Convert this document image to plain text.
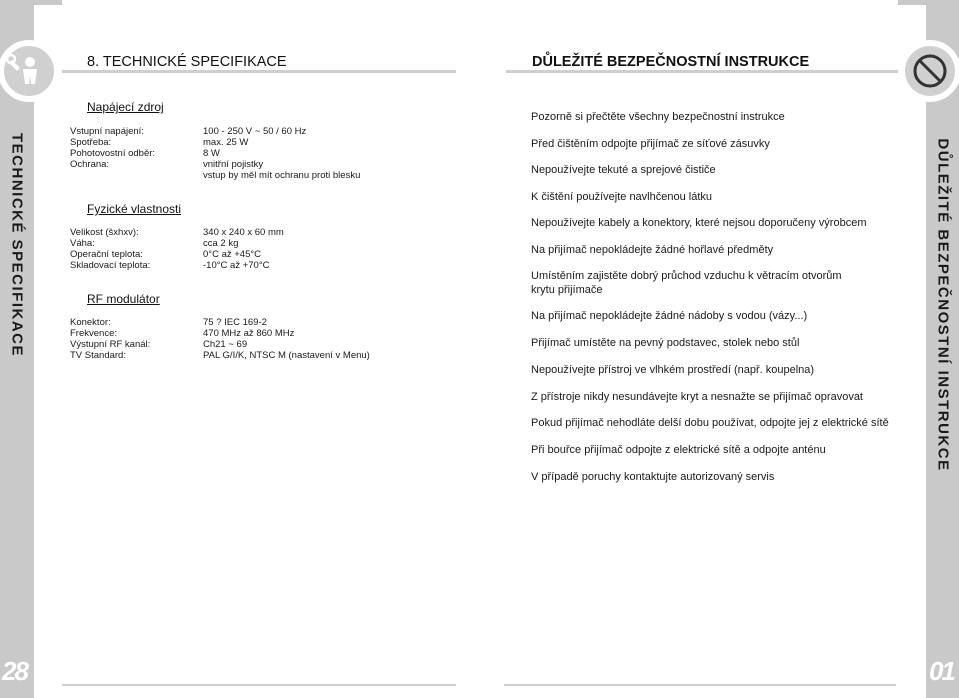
TECHNICKÉ SPECIFIKACE	DŮLEŽITÉ BEZPEČNOSTNÍ INSTRUKCE
28	01
8. TECHNICKÉ SPECIFIKACE	DŮLEŽITÉ BEZPEČNOSTNÍ INSTRUKCE
Napájecí zdroj
Fyzické vlastnosti
RF modulátor
Vstupní napájení:	100 - 250 V ~ 50 / 60 Hz
Spotřeba:	max. 25 W
Pohotovostní odběr:	8 W
Ochrana:	vnitřní pojistky
vstup by měl mít ochranu proti blesku
Velikost (šxhxv):	340 x 240 x 60 mm
Váha:	cca 2 kg
Operační teplota:	0°C až +45°C
Skladovací teplota:	-10°C až +70°C
Konektor:	75 ? IEC 169-2
Frekvence:	470 MHz až 860 MHz
Výstupní RF kanál:	Ch21 ~ 69
TV Standard:	PAL G/I/K, NTSC M (nastavení v Menu)
Pozorně si přečtěte všechny bezpečnostní instrukce
Před čištěním odpojte přijímač ze síťové zásuvky
Nepoužívejte tekuté a sprejové čističe
K čištění používejte navlhčenou látku
Nepoužívejte kabely a konektory, které nejsou doporučeny výrobcem
Na přijímač nepokládejte žádné hořlavé předměty
Umístěním zajistěte dobrý průchod vzduchu k větracím otvorům krytu přijímače
Na přijímač nepokládejte žádné nádoby s vodou (vázy...)
Přijímač umístěte na pevný podstavec, stolek nebo stůl
Nepoužívejte přístroj ve vlhkém prostředí (např. koupelna)
Z přístroje nikdy nesundávejte kryt a nesnažte se přijímač opravovat
Pokud přijímač nehodláte delší dobu používat, odpojte jej z elektrické sítě
Při bouřce přijímač odpojte z elektrické sítě a odpojte anténu
V případě poruchy kontaktujte autorizovaný servis
